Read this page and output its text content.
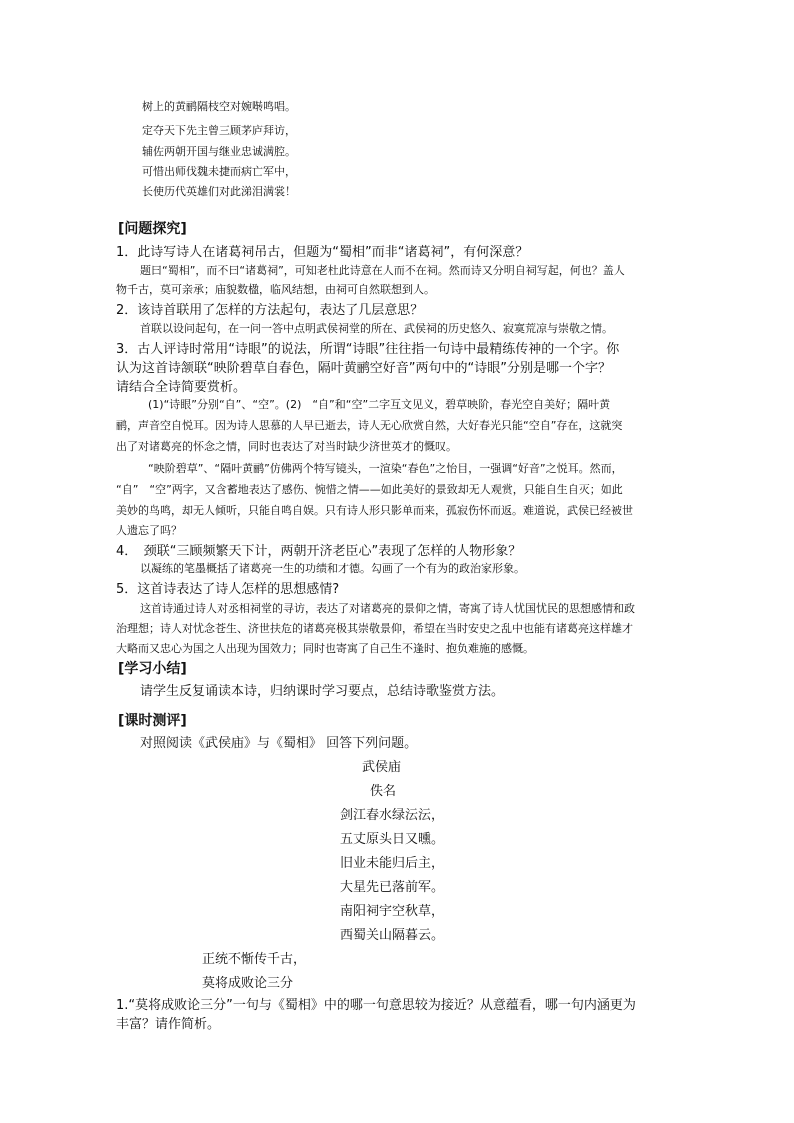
树上的黄鹂隔枝空对婉啭鸣唱。
定夺天下先主曾三顾茅庐拜访，
辅佐两朝开国与继业忠诚满腔。
可惜出师伐魏未捷而病亡军中，
长使历代英雄们对此涕泪满裳！
[问题探究]
1．此诗写诗人在诸葛祠吊古，但题为“蜀相”而非“诸葛祠”，有何深意？
题曰“蜀相”，而不曰“诸葛祠”，可知老杜此诗意在人而不在祠。然而诗又分明自祠写起，何也？盖人
物千古，莫可亲承；庙貌数楹，临风结想，由祠可自然联想到人。
2．该诗首联用了怎样的方法起句，表达了几层意思？
首联以设问起句，在一问一答中点明武侯祠堂的所在、武侯祠的历史悠久、寂寞荒凉与崇敬之情。
3．古人评诗时常用“诗眼”的说法，所谓“诗眼”往往指一句诗中最精练传神的一个字。你
认为这首诗颔联“映阶碧草自春色，隔叶黄鹂空好音”两句中的“诗眼”分别是哪一个字？
请结合全诗简要赏析。
(1)“诗眼”分别“自”、“空”。(2)　“自”和“空”二字互文见义，碧草映阶，春光空自美好；隔叶黄
鹂，声音空自悦耳。因为诗人思慕的人早已逝去，诗人无心欣赏自然，大好春光只能“空自”存在，这就突
出了对诸葛亮的怀念之情，同时也表达了对当时缺少济世英才的慨叹。
“映阶碧草”、“隔叶黄鹂”仿佛两个特写镜头，一渲染“春色”之怡目，一强调“好音”之悦耳。然而，
“自”　“空”两字，又含蓄地表达了感伤、惋惜之情——如此美好的景致却无人观赏，只能自生自灭；如此
美妙的鸟鸣，却无人倾听，只能自鸣自娱。只有诗人形只影单而来，孤寂伤怀而返。难道说，武侯已经被世
人遗忘了吗？
4．　颈联“三顾频繁天下计，两朝开济老臣心”表现了怎样的人物形象？
以凝练的笔墨概括了诸葛亮一生的功绩和才德。勾画了一个有为的政治家形象。
5．这首诗表达了诗人怎样的思想感情?
这首诗通过诗人对丞相祠堂的寻访，表达了对诸葛亮的景仰之情，寄寓了诗人忧国忧民的思想感情和政
治理想；诗人对忧念苍生、济世扶危的诸葛亮极其崇敬景仰，希望在当时安史之乱中也能有诸葛亮这样雄才
大略而又忠心为国之人出现为国效力；同时也寄寓了自己生不逢时、抱负难施的感慨。
[学习小结]
请学生反复诵读本诗，归纳课时学习要点，总结诗歌鉴赏方法。
[课时测评]
对照阅读《武侯庙》与《蜀相》 回答下列问题。
武侯庙
佚名
剑江春水绿沄沄，
五丈原头日又曛。
旧业未能归后主，
大星先已落前军。
南阳祠宇空秋草，
西蜀关山隔暮云。
正统不惭传千古，
莫将成败论三分
1.“莫将成败论三分”一句与《蜀相》中的哪一句意思较为接近？从意蕴看，哪一句内涵更为
丰富？请作简析。
